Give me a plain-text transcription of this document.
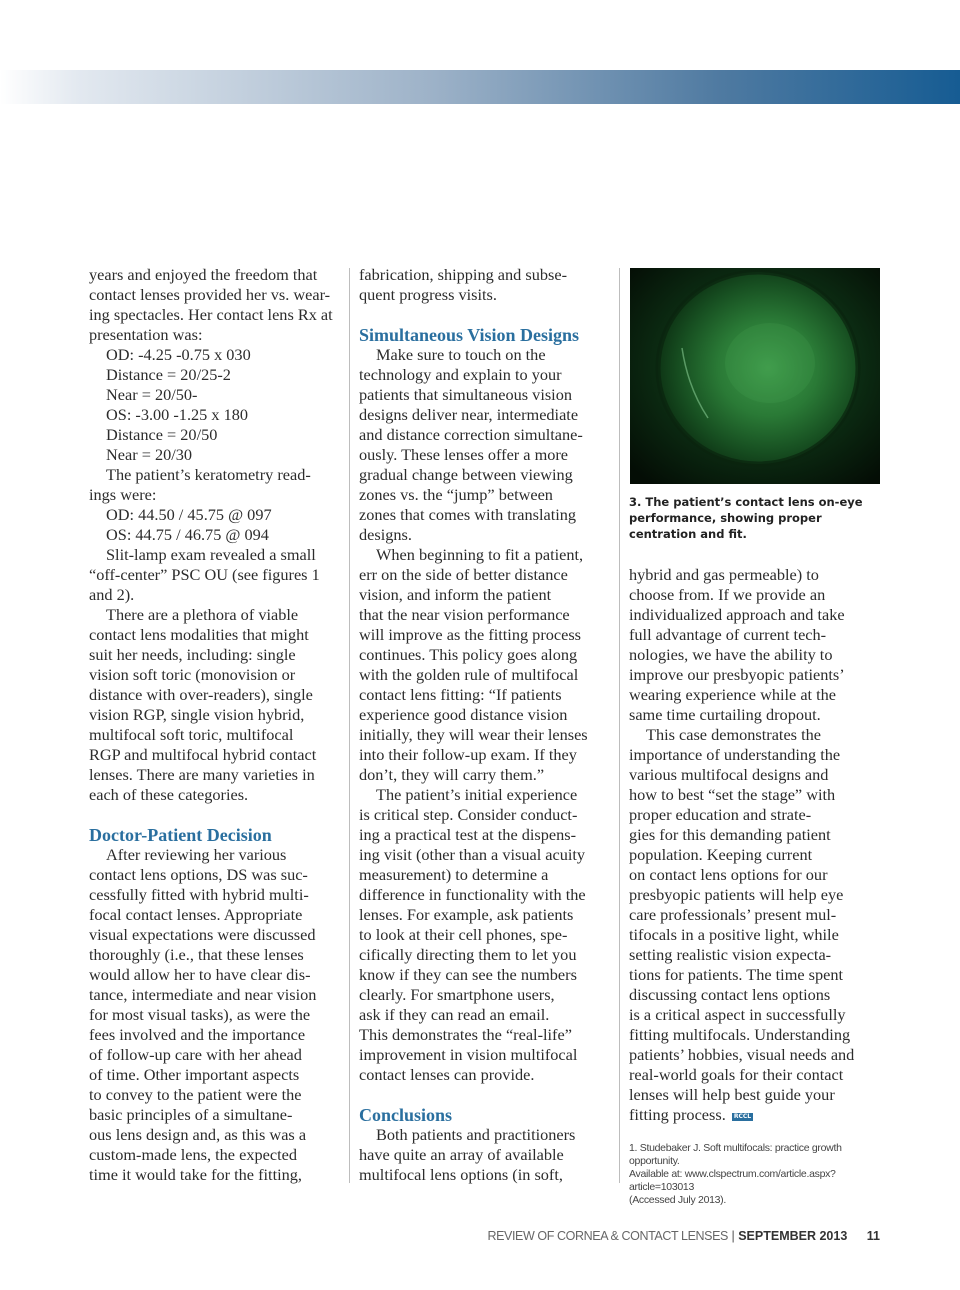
years and enjoyed the freedom that

contact lenses provided her vs. wear-

ing spectacles. Her contact lens Rx at

presentation was:

OD: -4.25 -0.75 x 030

Distance = 20/25-2

Near = 20/50-

OS: -3.00 -1.25 x 180

Distance = 20/50

Near = 20/30

The patient’s keratometry read-

ings were:

OD: 44.50 / 45.75 @ 097

OS: 44.75 / 46.75 @ 094

Slit-lamp exam revealed a small

“off-center” PSC OU (see figures 1

and 2).

There are a plethora of viable

contact lens modalities that might

suit her needs, including: single

vision soft toric (monovision or

distance with over-readers), single

vision RGP, single vision hybrid,

multifocal soft toric, multifocal

RGP and multifocal hybrid contact

lenses. There are many varieties in

each of these categories.

Doctor-Patient Decision

After reviewing her various

contact lens options, DS was suc-

cessfully fitted with hybrid multi-

focal contact lenses. Appropriate

visual expectations were discussed

thoroughly (i.e., that these lenses

would allow her to have clear dis-

tance, intermediate and near vision

for most visual tasks), as were the

fees involved and the importance

of follow-up care with her ahead

of time. Other important aspects

to convey to the patient were the

basic principles of a simultane-

ous lens design and, as this was a

custom-made lens, the expected

time it would take for the fitting,

fabrication, shipping and subse-

quent progress visits.

Simultaneous Vision Designs

Make sure to touch on the

technology and explain to your

patients that simultaneous vision

designs deliver near, intermediate

and distance correction simultane-

ously. These lenses offer a more

gradual change between viewing

zones vs. the “jump” between

zones that comes with translating

designs.

When beginning to fit a patient,

err on the side of better distance

vision, and inform the patient

that the near vision performance

will improve as the fitting process

continues. This policy goes along

with the golden rule of multifocal

contact lens fitting: “If patients

experience good distance vision

initially, they will wear their lenses

into their follow-up exam. If they

don’t, they will carry them.”

The patient’s initial experience

is critical step. Consider conduct-

ing a practical test at the dispens-

ing visit (other than a visual acuity

measurement) to determine a

difference in functionality with the

lenses. For example, ask patients

to look at their cell phones, spe-

cifically directing them to let you

know if they can see the numbers

clearly. For smartphone users,

ask if they can read an email.

This demonstrates the “real-life”

improvement in vision multifocal

contact lenses can provide.

Conclusions

Both patients and practitioners

have quite an array of available

multifocal lens options (in soft,

3. The patient’s contact lens on-eye performance, showing proper centration and fit.

hybrid and gas permeable) to

choose from. If we provide an

individualized approach and take

full advantage of current tech-

nologies, we have the ability to

improve our presbyopic patients’

wearing experience while at the

same time curtailing dropout.

This case demonstrates the

importance of understanding the

various multifocal designs and

how to best “set the stage” with

proper education and strate-

gies for this demanding patient

population. Keeping current

on contact lens options for our

presbyopic patients will help eye

care professionals’ present mul-

tifocals in a positive light, while

setting realistic vision expecta-

tions for patients. The time spent

discussing contact lens options

is a critical aspect in successfully

fitting multifocals. Understanding

patients’ hobbies, visual needs and

real-world goals for their contact

lenses will help best guide your

fitting process. RCCL

1. Studebaker J. Soft multifocals: practice growth opportunity.

Available at: www.clspectrum.com/article.aspx?article=103013

(Accessed July 2013).

REVIEW OF CORNEA & CONTACT LENSES | SEPTEMBER 2013 11
